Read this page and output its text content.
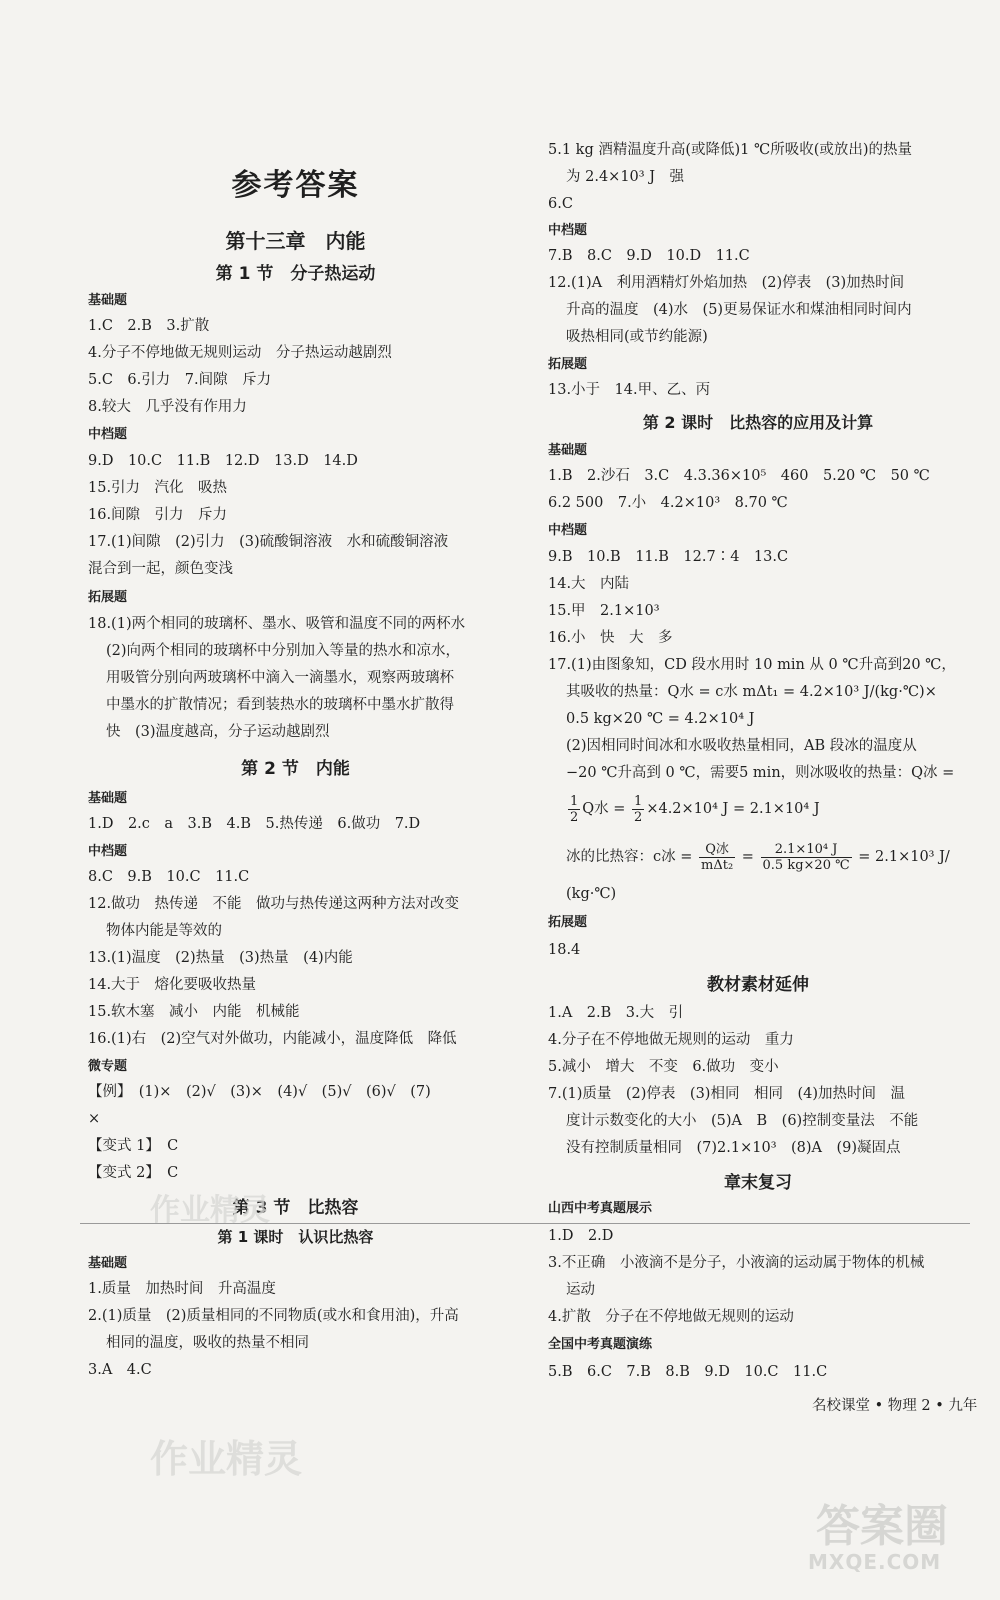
参考答案
第十三章　内能
第 1 节　分子热运动
基础题
1.C　2.B　3.扩散
4.分子不停地做无规则运动　分子热运动越剧烈
5.C　6.引力　7.间隙　斥力
8.较大　几乎没有作用力
中档题
9.D　10.C　11.B　12.D　13.D　14.D
15.引力　汽化　吸热
16.间隙　引力　斥力
17.(1)间隙　(2)引力　(3)硫酸铜溶液　水和硫酸铜溶液
混合到一起，颜色变浅
拓展题
18.(1)两个相同的玻璃杯、墨水、吸管和温度不同的两杯水
(2)向两个相同的玻璃杯中分别加入等量的热水和凉水，
用吸管分别向两玻璃杯中滴入一滴墨水，观察两玻璃杯
中墨水的扩散情况；看到装热水的玻璃杯中墨水扩散得
快　(3)温度越高，分子运动越剧烈
第 2 节　内能
基础题
1.D　2.c　a　3.B　4.B　5.热传递　6.做功　7.D
中档题
8.C　9.B　10.C　11.C
12.做功　热传递　不能　做功与热传递这两种方法对改变
物体内能是等效的
13.(1)温度　(2)热量　(3)热量　(4)内能
14.大于　熔化要吸收热量
15.软木塞　减小　内能　机械能
16.(1)右　(2)空气对外做功，内能减小，温度降低　降低
微专题
【例】　(1)×　(2)√　(3)×　(4)√　(5)√　(6)√　(7)
×
【变式 1】　C
【变式 2】　C
第 3 节　比热容
第 1 课时　认识比热容
基础题
1.质量　加热时间　升高温度
2.(1)质量　(2)质量相同的不同物质(或水和食用油)，升高
相同的温度，吸收的热量不相同
3.A　4.C
5.1 kg 酒精温度升高(或降低)1 ℃所吸收(或放出)的热量
为 2.4×10³ J　强
6.C
中档题
7.B　8.C　9.D　10.D　11.C
12.(1)A　利用酒精灯外焰加热　(2)停表　(3)加热时间
升高的温度　(4)水　(5)更易保证水和煤油相同时间内
吸热相同(或节约能源)
拓展题
13.小于　14.甲、乙、丙
第 2 课时　比热容的应用及计算
基础题
1.B　2.沙石　3.C　4.3.36×10⁵　460　5.20 ℃　50 ℃
6.2 500　7.小　4.2×10³　8.70 ℃
中档题
9.B　10.B　11.B　12.7∶4　13.C
14.大　内陆
15.甲　2.1×10³
16.小　快　大　多
17.(1)由图象知，CD 段水用时 10 min 从 0 ℃升高到20 ℃，
其吸收的热量：Q水 = c水 mΔt₁ = 4.2×10³ J/(kg·℃)×
0.5 kg×20 ℃ = 4.2×10⁴ J
(2)因相同时间冰和水吸收热量相同，AB 段冰的温度从
−20 ℃升高到 0 ℃，需要5 min，则冰吸收的热量：Q冰 =
$\frac{1}{2}$ Q水 = $\frac{1}{2} \times 4.2\times 10^4$ J = 2.1×10⁴ J
冰的比热容：c冰 = $\frac{\text{Q冰}}{\text{mΔt₂}} = \frac{\text{2.1×10⁴ J}}{0.5 kg\times 20 ℃} = 2.1\times 10^3$ J/
(kg·℃)
拓展题
18.4
教材素材延伸
1.A　2.B　3.大　引
4.分子在不停地做无规则的运动　重力
5.减小　增大　不变　6.做功　变小
7.(1)质量　(2)停表　(3)相同　相同　(4)加热时间　温
度计示数变化的大小　(5)A　B　(6)控制变量法　不能
没有控制质量相同　(7)2.1×10³　(8)A　(9)凝固点
章末复习
山西中考真题展示
1.D　2.D
3.不正确　小液滴不是分子，小液滴的运动属于物体的机械
运动
4.扩散　分子在不停地做无规则的运动
全国中考真题演练
5.B　6.C　7.B　8.B　9.D　10.C　11.C
名校课堂 • 物理 2 • 九年
作业精灵
作业精灵
答案圈
MXQE.COM
